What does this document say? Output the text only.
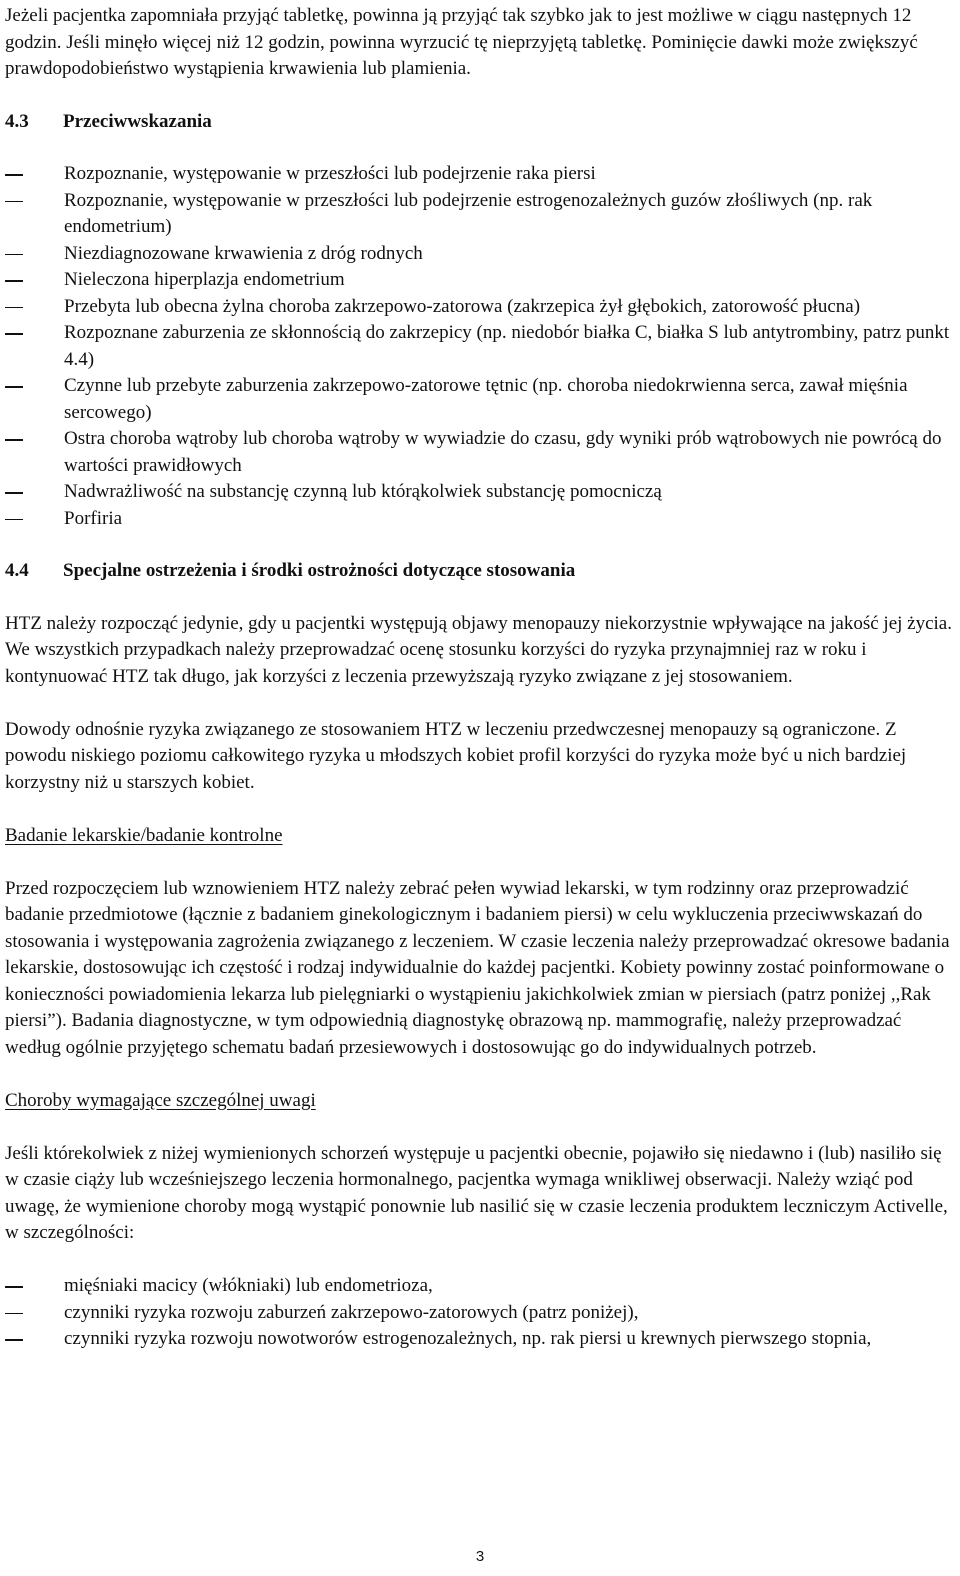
Jeżeli pacjentka zapomniała przyjąć tabletkę, powinna ją przyjąć tak szybko jak to jest możliwe w ciągu następnych 12 godzin. Jeśli minęło więcej niż 12 godzin, powinna wyrzucić tę nieprzyjętą tabletkę. Pominięcie dawki może zwiększyć prawdopodobieństwo wystąpienia krwawienia lub plamienia.

4.3	Przeciwwskazania
Rozpoznanie, występowanie w przeszłości lub podejrzenie raka piersi
Rozpoznanie, występowanie w przeszłości lub podejrzenie estrogenozależnych guzów złośliwych (np. rak endometrium)
Niezdiagnozowane krwawienia z dróg rodnych
Nieleczona hiperplazja endometrium
Przebyta lub obecna żylna choroba zakrzepowo-zatorowa (zakrzepica żył głębokich, zatorowość płucna)
Rozpoznane zaburzenia ze skłonnością do zakrzepicy (np. niedobór białka C, białka S lub antytrombiny, patrz punkt 4.4)
Czynne lub przebyte zaburzenia zakrzepowo-zatorowe tętnic (np. choroba niedokrwienna serca, zawał mięśnia sercowego)
Ostra choroba wątroby lub choroba wątroby w wywiadzie do czasu, gdy wyniki prób wątrobowych nie powrócą do wartości prawidłowych
Nadwrażliwość na substancję czynną lub którąkolwiek substancję pomocniczą
Porfiria
4.4	Specjalne ostrzeżenia i środki ostrożności dotyczące stosowania

HTZ należy rozpocząć jedynie, gdy u pacjentki występują objawy menopauzy niekorzystnie wpływające na jakość jej życia. We wszystkich przypadkach należy przeprowadzać ocenę stosunku korzyści do ryzyka przynajmniej raz w roku i kontynuować HTZ tak długo, jak korzyści z leczenia przewyższają ryzyko związane z jej stosowaniem.

Dowody odnośnie ryzyka związanego ze stosowaniem HTZ w leczeniu przedwczesnej menopauzy są ograniczone. Z powodu niskiego poziomu całkowitego ryzyka u młodszych kobiet profil korzyści do ryzyka może być u nich bardziej korzystny niż u starszych kobiet.

Badanie lekarskie/badanie kontrolne

Przed rozpoczęciem lub wznowieniem HTZ należy zebrać pełen wywiad lekarski, w tym rodzinny oraz przeprowadzić badanie przedmiotowe (łącznie z badaniem ginekologicznym i badaniem piersi) w celu wykluczenia przeciwwskazań do stosowania i występowania zagrożenia związanego z leczeniem. W czasie leczenia należy przeprowadzać okresowe badania lekarskie, dostosowując ich częstość i rodzaj indywidualnie do każdej pacjentki. Kobiety powinny zostać poinformowane o konieczności powiadomienia lekarza lub pielęgniarki o wystąpieniu jakichkolwiek zmian w piersiach (patrz poniżej ,,Rak piersi”). Badania diagnostyczne, w tym odpowiednią diagnostykę obrazową np. mammografię, należy przeprowadzać według ogólnie przyjętego schematu badań przesiewowych i dostosowując go do indywidualnych potrzeb.

Choroby wymagające szczególnej uwagi

Jeśli którekolwiek z niżej wymienionych schorzeń występuje u pacjentki obecnie, pojawiło się niedawno i (lub) nasiliło się w czasie ciąży lub wcześniejszego leczenia hormonalnego, pacjentka wymaga wnikliwej obserwacji. Należy wziąć pod uwagę, że wymienione choroby mogą wystąpić ponownie lub nasilić się w czasie leczenia produktem leczniczym Activelle, w szczególności:

mięśniaki macicy (włókniaki) lub endometrioza,
czynniki ryzyka rozwoju zaburzeń zakrzepowo-zatorowych (patrz poniżej),
czynniki ryzyka rozwoju nowotworów estrogenozależnych, np. rak piersi u krewnych pierwszego stopnia,
3
